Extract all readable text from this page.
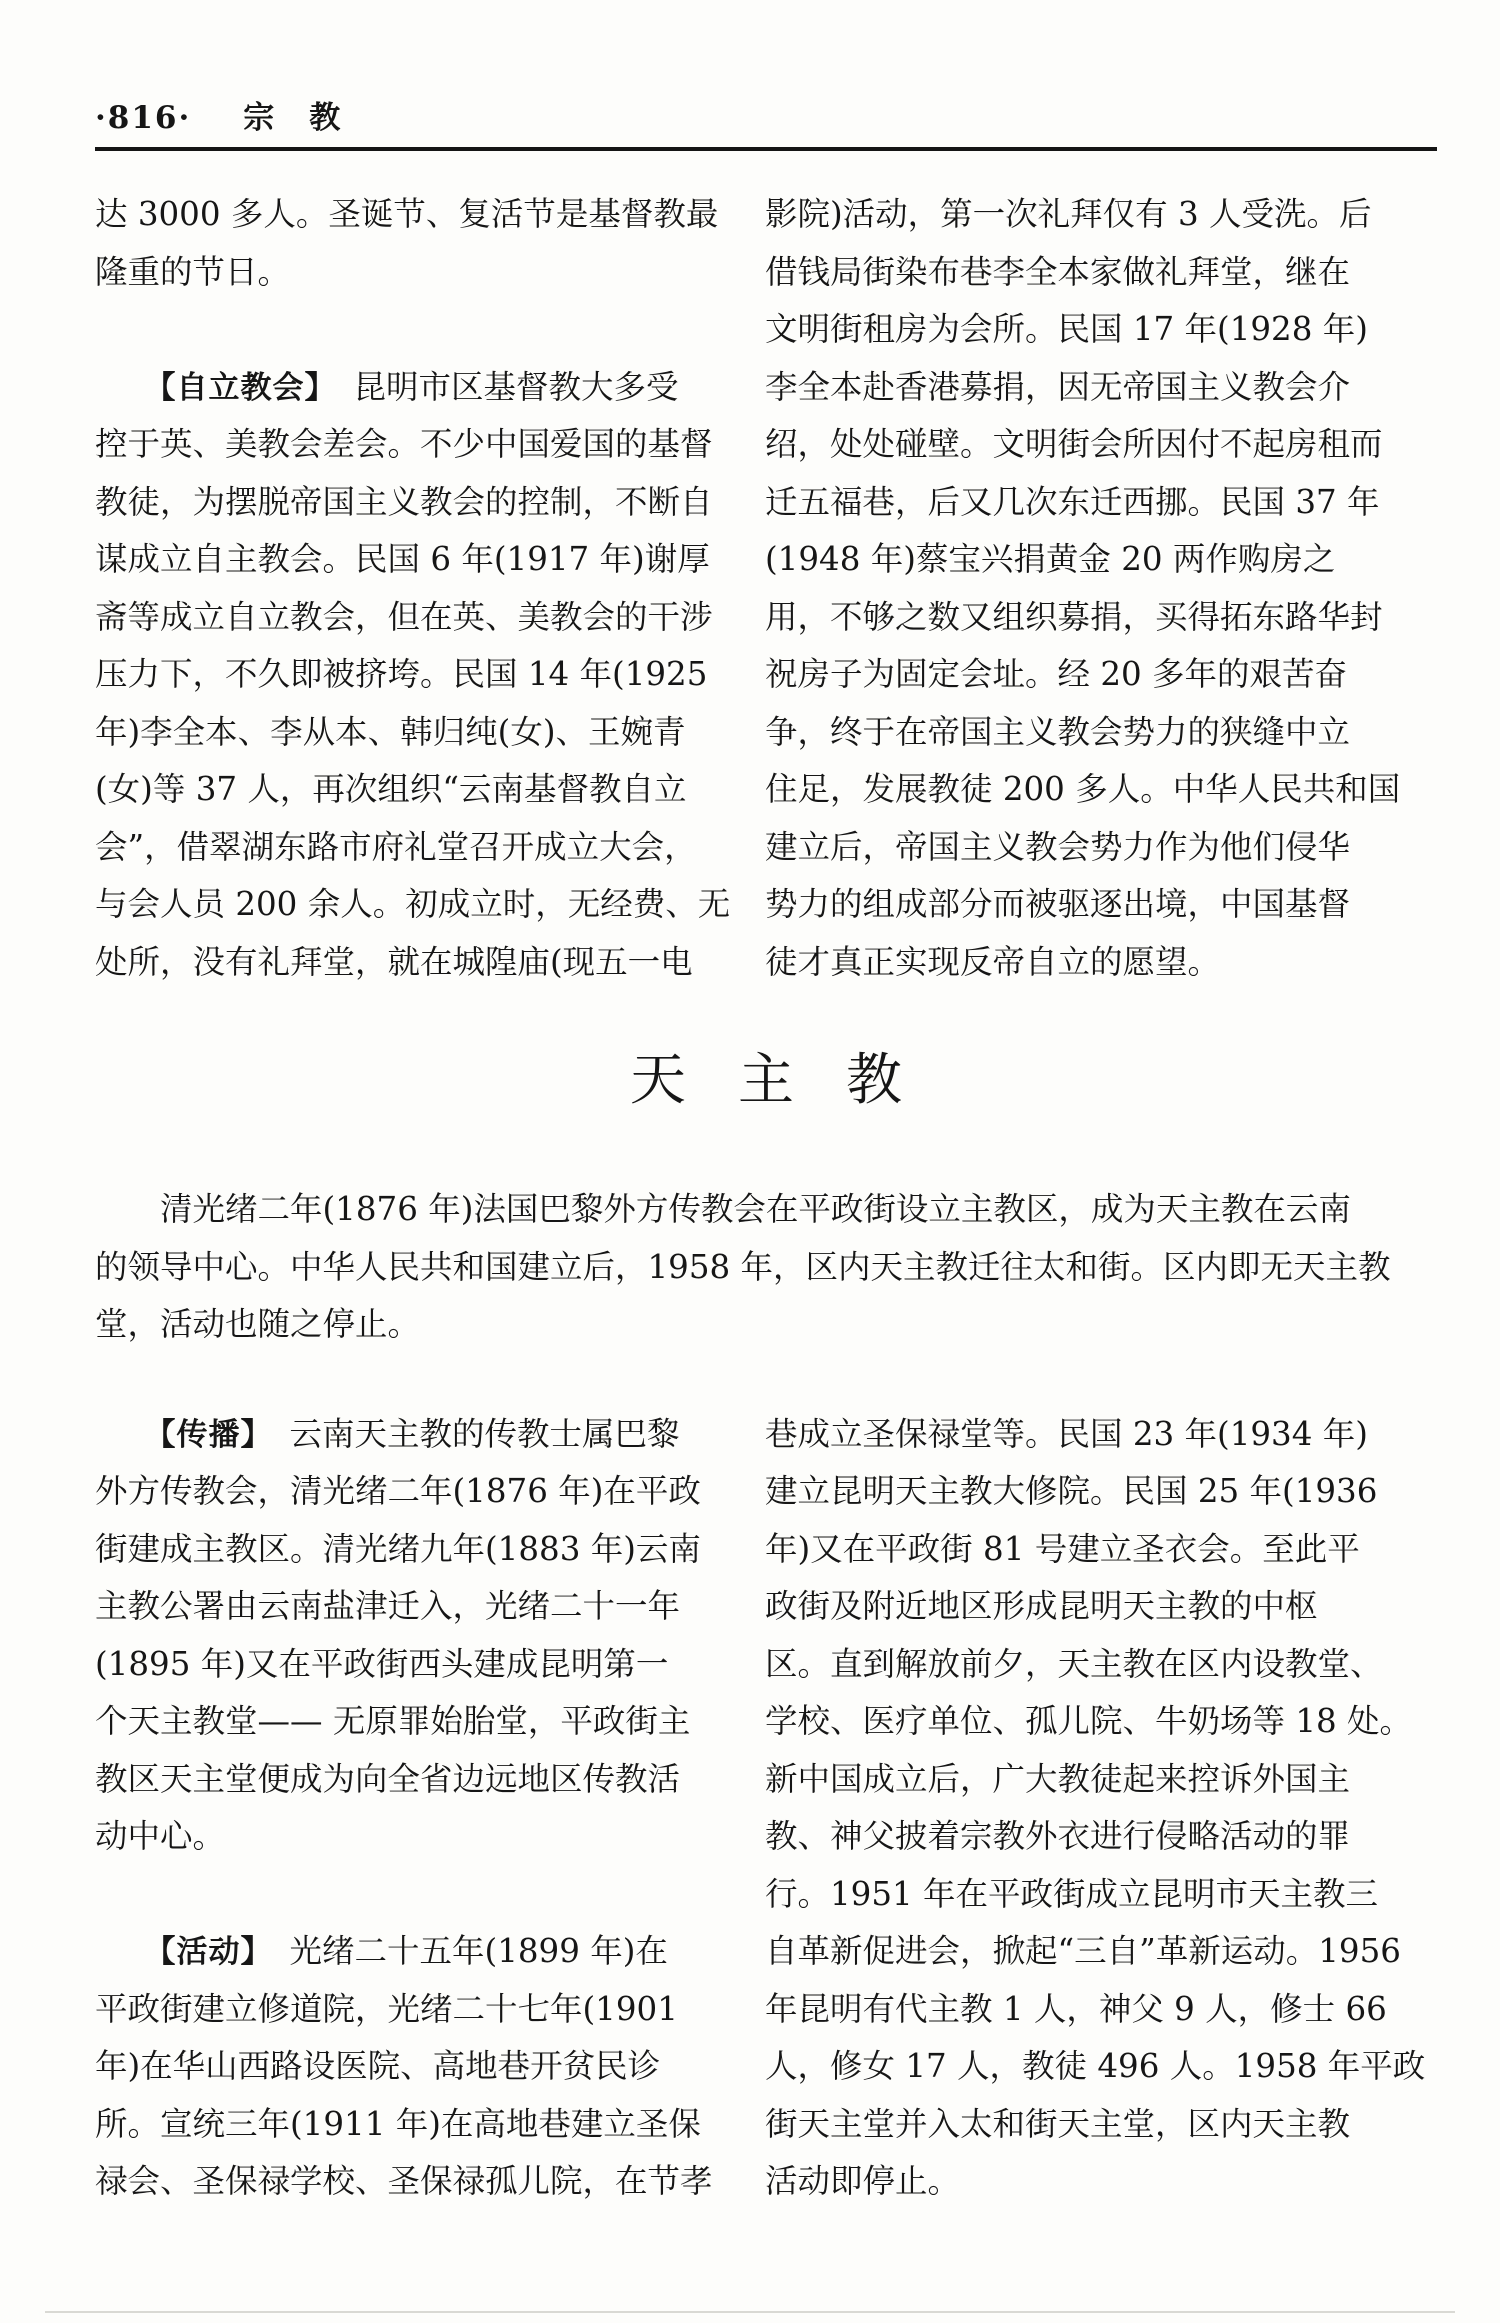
·816· 宗　教
达 3000 多人。圣诞节、复活节是基督教最
隆重的节日。
　　【自立教会】　昆明市区基督教大多受
控于英、美教会差会。不少中国爱国的基督
教徒，为摆脱帝国主义教会的控制，不断自
谋成立自主教会。民国 6 年(1917 年)谢厚
斋等成立自立教会，但在英、美教会的干涉
压力下，不久即被挤垮。民国 14 年(1925
年)李全本、李从本、韩归纯(女)、王婉青
(女)等 37 人，再次组织“云南基督教自立
会”，借翠湖东路市府礼堂召开成立大会，
与会人员 200 余人。初成立时，无经费、无
处所，没有礼拜堂，就在城隍庙(现五一电
影院)活动，第一次礼拜仅有 3 人受洗。后
借钱局街染布巷李全本家做礼拜堂，继在
文明街租房为会所。民国 17 年(1928 年)
李全本赴香港募捐，因无帝国主义教会介
绍，处处碰壁。文明街会所因付不起房租而
迁五福巷，后又几次东迁西挪。民国 37 年
(1948 年)蔡宝兴捐黄金 20 两作购房之
用，不够之数又组织募捐，买得拓东路华封
祝房子为固定会址。经 20 多年的艰苦奋
争，终于在帝国主义教会势力的狭缝中立
住足，发展教徒 200 多人。中华人民共和国
建立后，帝国主义教会势力作为他们侵华
势力的组成部分而被驱逐出境，中国基督
徒才真正实现反帝自立的愿望。
天主教
　　清光绪二年(1876 年)法国巴黎外方传教会在平政街设立主教区，成为天主教在云南
的领导中心。中华人民共和国建立后，1958 年，区内天主教迁往太和街。区内即无天主教
堂，活动也随之停止。
　　【传播】　云南天主教的传教士属巴黎
外方传教会，清光绪二年(1876 年)在平政
街建成主教区。清光绪九年(1883 年)云南
主教公署由云南盐津迁入，光绪二十一年
(1895 年)又在平政街西头建成昆明第一
个天主教堂—— 无原罪始胎堂，平政街主
教区天主堂便成为向全省边远地区传教活
动中心。
　　【活动】　光绪二十五年(1899 年)在
平政街建立修道院，光绪二十七年(1901
年)在华山西路设医院、高地巷开贫民诊
所。宣统三年(1911 年)在高地巷建立圣保
禄会、圣保禄学校、圣保禄孤儿院，在节孝
巷成立圣保禄堂等。民国 23 年(1934 年)
建立昆明天主教大修院。民国 25 年(1936
年)又在平政街 81 号建立圣衣会。至此平
政街及附近地区形成昆明天主教的中枢
区。直到解放前夕，天主教在区内设教堂、
学校、医疗单位、孤儿院、牛奶场等 18 处。
新中国成立后，广大教徒起来控诉外国主
教、神父披着宗教外衣进行侵略活动的罪
行。1951 年在平政街成立昆明市天主教三
自革新促进会，掀起“三自”革新运动。1956
年昆明有代主教 1 人，神父 9 人，修士 66
人，修女 17 人，教徒 496 人。1958 年平政
街天主堂并入太和街天主堂，区内天主教
活动即停止。
